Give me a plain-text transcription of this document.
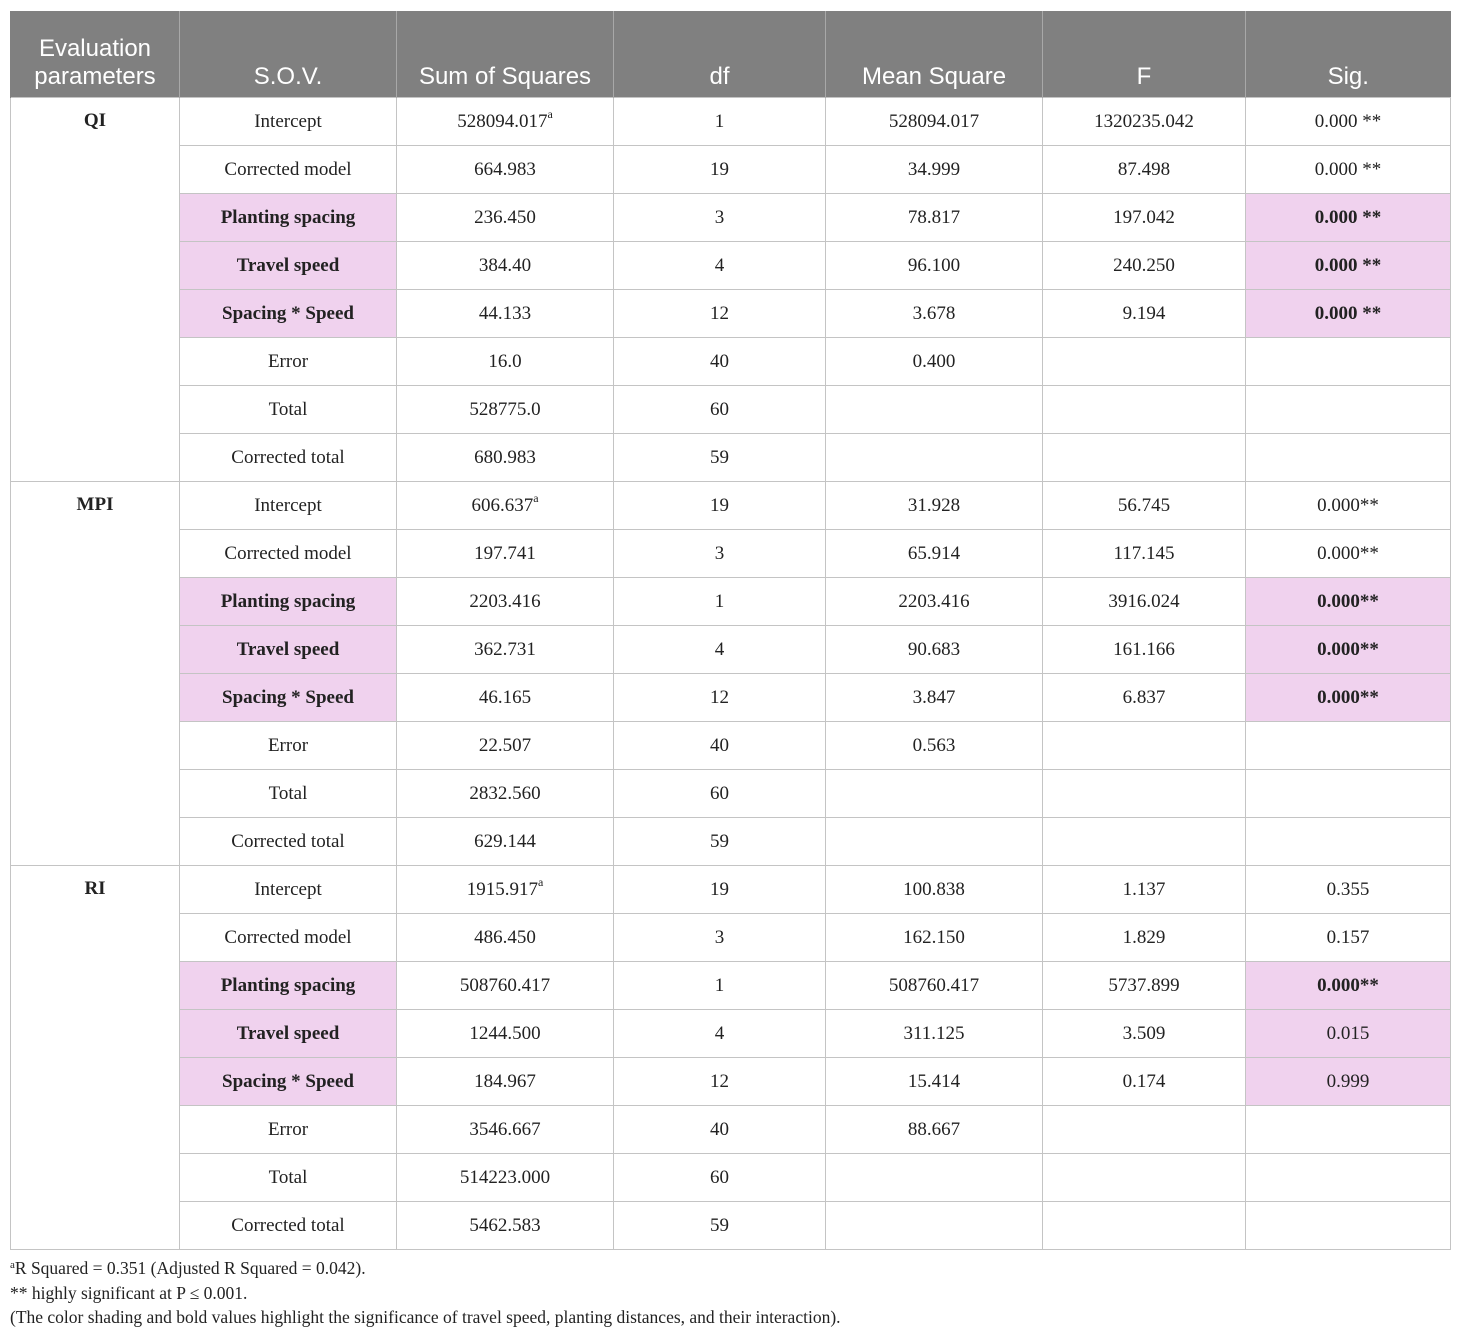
Evaluation parameters	S.O.V.	Sum of Squares	df	Mean Square	F	Sig.
QI	Intercept	528094.017$^a$	1	528094.017	1320235.042	0.000 **
	Corrected model	664.983	19	34.999	87.498	0.000 **
	Planting spacing	236.450	3	78.817	197.042	0.000 **
	Travel speed	384.40	4	96.100	240.250	0.000 **
	Spacing * Speed	44.133	12	3.678	9.194	0.000 **
	Error	16.0	40	0.400		
	Total	528775.0	60			
	Corrected total	680.983	59			
MPI	Intercept	606.637$^a$	19	31.928	56.745	0.000**
	Corrected model	197.741	3	65.914	117.145	0.000**
	Planting spacing	2203.416	1	2203.416	3916.024	0.000**
	Travel speed	362.731	4	90.683	161.166	0.000**
	Spacing * Speed	46.165	12	3.847	6.837	0.000**
	Error	22.507	40	0.563		
	Total	2832.560	60			
	Corrected total	629.144	59			
RI	Intercept	1915.917$^a$	19	100.838	1.137	0.355
	Corrected model	486.450	3	162.150	1.829	0.157
	Planting spacing	508760.417	1	508760.417	5737.899	0.000**
	Travel speed	1244.500	4	311.125	3.509	0.015
	Spacing * Speed	184.967	12	15.414	0.174	0.999
	Error	3546.667	40	88.667		
	Total	514223.000	60			
	Corrected total	5462.583	59			
$^a$R Squared = 0.351 (Adjusted R Squared = 0.042).
** highly significant at P ≤ 0.001.
(The color shading and bold values highlight the significance of travel speed, planting distances, and their interaction).
